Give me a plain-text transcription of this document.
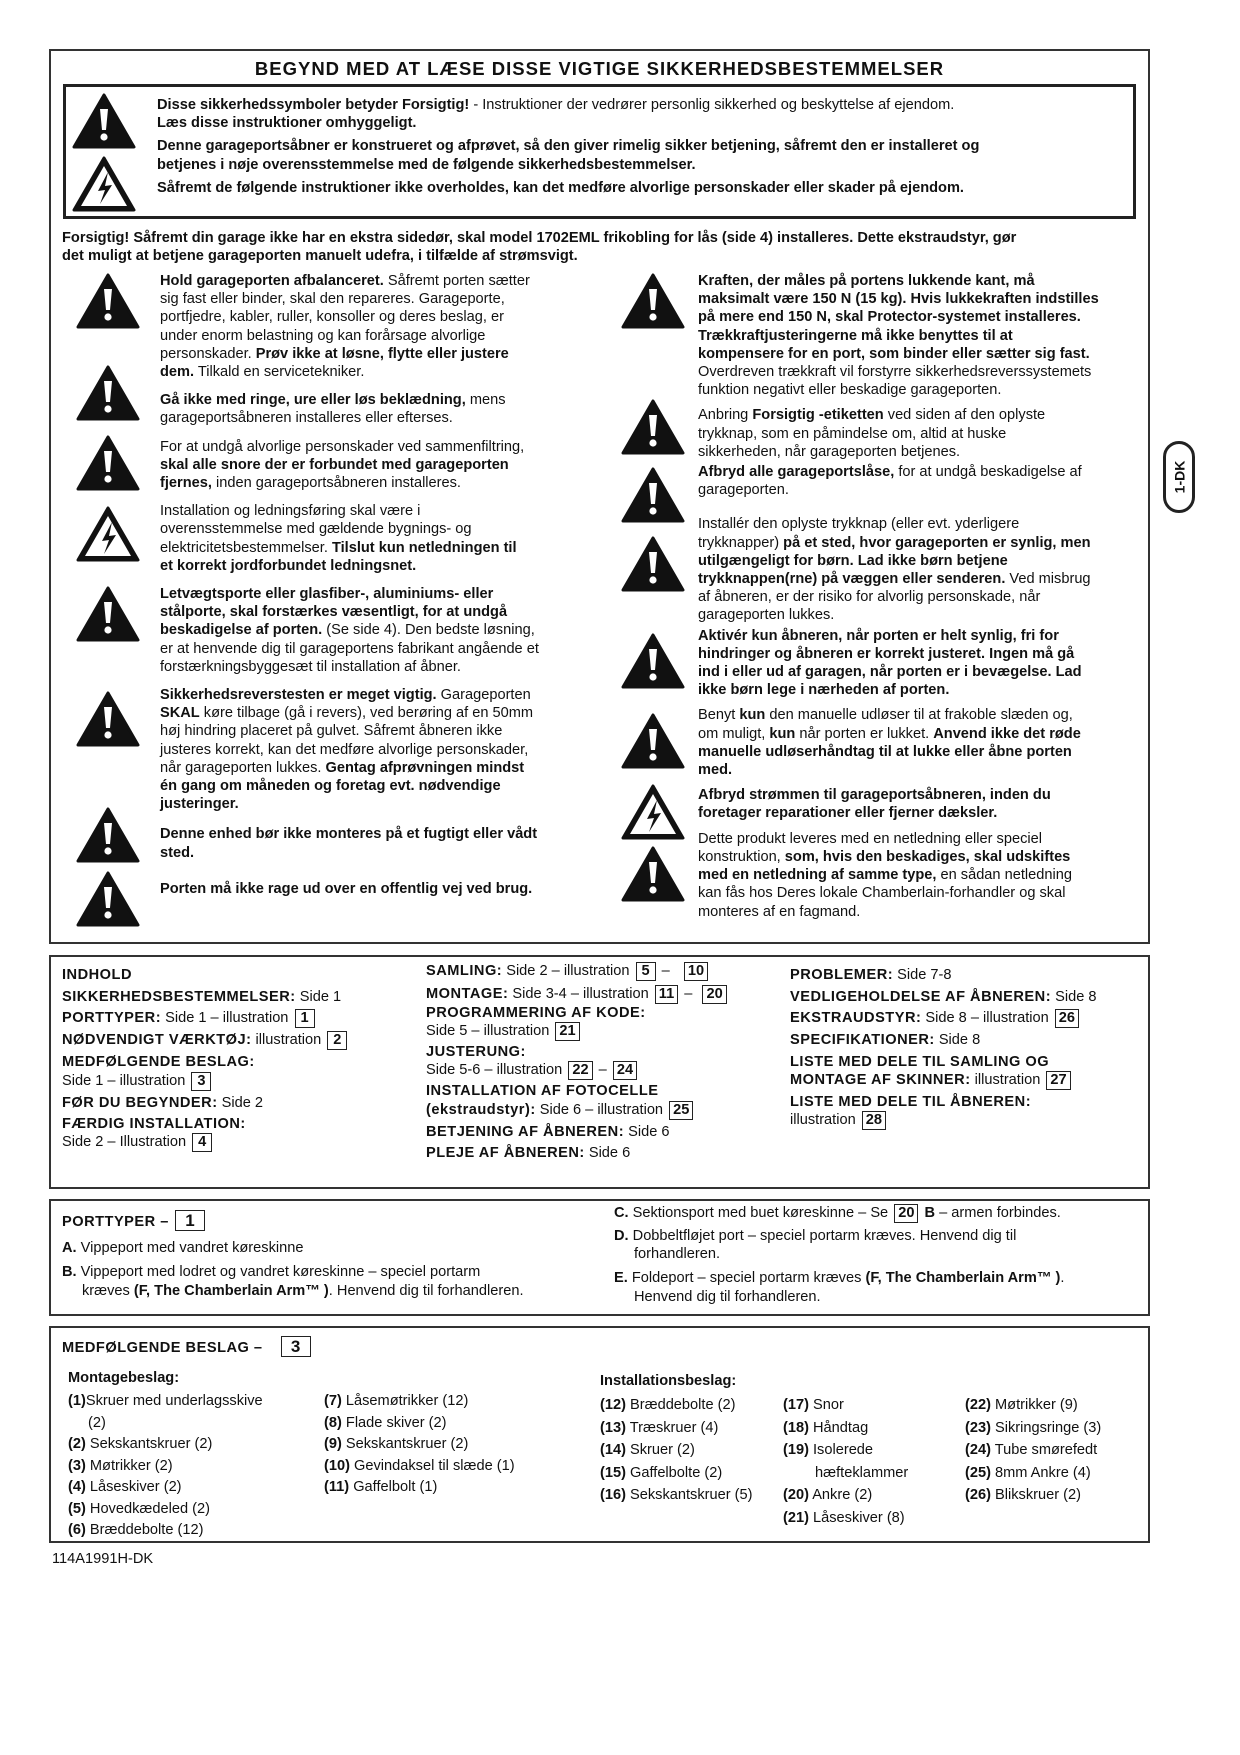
BEGYND MED AT LÆSE DISSE VIGTIGE SIKKERHEDSBESTEMMELSER
Disse sikkerhedssymboler betyder Forsigtig! - Instruktioner der vedrører personlig sikkerhed og beskyttelse af ejendom.
Læs disse instruktioner omhyggeligt.
Denne garageportsåbner er konstrueret og afprøvet, så den giver rimelig sikker betjening, såfremt den er installeret og
betjenes i nøje overensstemmelse med de følgende sikkerhedsbestemmelser.
Såfremt de følgende instruktioner ikke overholdes, kan det medføre alvorlige personskader eller skader på ejendom.
Forsigtig! Såfremt din garage ikke har en ekstra sidedør, skal model 1702EML frikobling for lås (side 4) installeres. Dette ekstraudstyr, gør
det muligt at betjene garageporten manuelt udefra, i tilfælde af strømsvigt.
Hold garageporten afbalanceret. Såfremt porten sætter
sig fast eller binder, skal den repareres. Garageporte,
portfjedre, kabler, ruller, konsoller og deres beslag, er
under enorm belastning og kan forårsage alvorlige
personskader. Prøv ikke at løsne, flytte eller justere
dem. Tilkald en servicetekniker.
Gå ikke med ringe, ure eller løs beklædning, mens
garageportsåbneren installeres eller efterses.
For at undgå alvorlige personskader ved sammenfiltring,
skal alle snore der er forbundet med garageporten
fjernes, inden garageportsåbneren installeres.
Installation og ledningsføring skal være i
overensstemmelse med gældende bygnings- og
elektricitetsbestemmelser. Tilslut kun netledningen til
et korrekt jordforbundet ledningsnet.
Letvægtsporte eller glasfiber-, aluminiums- eller
stålporte, skal forstærkes væsentligt, for at undgå
beskadigelse af porten. (Se side 4). Den bedste løsning,
er at henvende dig til garageportens fabrikant angående et
forstærkningsbyggesæt til installation af åbner.
Sikkerhedsreverstesten er meget vigtig. Garageporten
SKAL køre tilbage (gå i revers), ved berøring af en 50mm
høj hindring placeret på gulvet. Såfremt åbneren ikke
justeres korrekt, kan det medføre alvorlige personskader,
når garageporten lukkes. Gentag afprøvningen mindst
én gang om måneden og foretag evt. nødvendige
justeringer.
Denne enhed bør ikke monteres på et fugtigt eller vådt
sted.
Porten må ikke rage ud over en offentlig vej ved brug.
Kraften, der måles på portens lukkende kant, må
maksimalt være 150 N (15 kg). Hvis lukkekraften indstilles
på mere end 150 N, skal Protector-systemet installeres.
Trækkraftjusteringerne må ikke benyttes til at
kompensere for en port, som binder eller sætter sig fast.
Overdreven trækkraft vil forstyrre sikkerhedsreverssystemets
funktion negativt eller beskadige garageporten.
Anbring Forsigtig -etiketten ved siden af den oplyste
trykknap, som en påmindelse om, altid at huske
sikkerheden, når garageporten betjenes.
Afbryd alle garageportslåse, for at undgå beskadigelse af
garageporten.
Installér den oplyste trykknap (eller evt. yderligere
trykknapper) på et sted, hvor garageporten er synlig, men
utilgængeligt for børn. Lad ikke børn betjene
trykknappen(rne) på væggen eller senderen. Ved misbrug
af åbneren, er der risiko for alvorlig personskade, når
garageporten lukkes.
Aktivér kun åbneren, når porten er helt synlig, fri for
hindringer og åbneren er korrekt justeret. Ingen må gå
ind i eller ud af garagen, når porten er i bevægelse. Lad
ikke børn lege i nærheden af porten.
Benyt kun den manuelle udløser til at frakoble slæden og,
om muligt, kun når porten er lukket. Anvend ikke det røde
manuelle udløserhåndtag til at lukke eller åbne porten
med.
Afbryd strømmen til garageportsåbneren, inden du
foretager reparationer eller fjerner dæksler.
Dette produkt leveres med en netledning eller speciel
konstruktion, som, hvis den beskadiges, skal udskiftes
med en netledning af samme type, en sådan netledning
kan fås hos Deres lokale Chamberlain-forhandler og skal
monteres af en fagmand.
1-DK
INDHOLD
SIKKERHEDSBESTEMMELSER: Side 1
PORTTYPER: Side 1 – illustration 1
NØDVENDIGT VÆRKTØJ: illustration 2
MEDFØLGENDE BESLAG:
Side 1 – illustration 3
FØR DU BEGYNDER: Side 2
FÆRDIG INSTALLATION:
Side 2 – Illustration 4
SAMLING: Side 2 – illustration 5 – 10
MONTAGE: Side 3-4 – illustration 11 – 20
PROGRAMMERING AF KODE:
Side 5 – illustration 21
JUSTERUNG:
Side 5-6 – illustration 22 – 24
INSTALLATION AF FOTOCELLE
(ekstraudstyr): Side 6 – illustration 25
BETJENING AF ÅBNEREN: Side 6
PLEJE AF ÅBNEREN: Side 6
PROBLEMER: Side 7-8
VEDLIGEHOLDELSE AF ÅBNEREN: Side 8
EKSTRAUDSTYR: Side 8 – illustration 26
SPECIFIKATIONER: Side 8
LISTE MED DELE TIL SAMLING OG
MONTAGE AF SKINNER: illustration 27
LISTE MED DELE TIL ÅBNEREN:
illustration 28
PORTTYPER – 1
A. Vippeport med vandret køreskinne
B. Vippeport med lodret og vandret køreskinne – speciel portarm
kræves (F, The Chamberlain Arm™ ). Henvend dig til forhandleren.
C. Sektionsport med buet køreskinne – Se 20 B – armen forbindes.
D. Dobbeltfløjet port – speciel portarm kræves. Henvend dig til
forhandleren.
E. Foldeport – speciel portarm kræves (F, The Chamberlain Arm™ ).
Henvend dig til forhandleren.
MEDFØLGENDE BESLAG – 3
Montagebeslag:	Installationsbeslag:
(1)Skruer med underlagsskive
(2)
(2) Sekskantskruer (2)
(3) Møtrikker (2)
(4) Låseskiver (2)
(5) Hovedkædeled (2)
(6) Bræddebolte (12)
(7) Låsemøtrikker (12)
(8) Flade skiver (2)
(9) Sekskantskruer (2)
(10) Gevindaksel til slæde (1)
(11) Gaffelbolt (1)
(12) Bræddebolte (2)
(13) Træskruer (4)
(14) Skruer (2)
(15) Gaffelbolte (2)
(16) Sekskantskruer (5)
(17) Snor
(18) Håndtag
(19) Isolerede
hæfteklammer
(20) Ankre (2)
(21) Låseskiver (8)
(22) Møtrikker (9)
(23) Sikringsringe (3)
(24) Tube smørefedt
(25) 8mm Ankre (4)
(26) Blikskruer (2)
114A1991H-DK
